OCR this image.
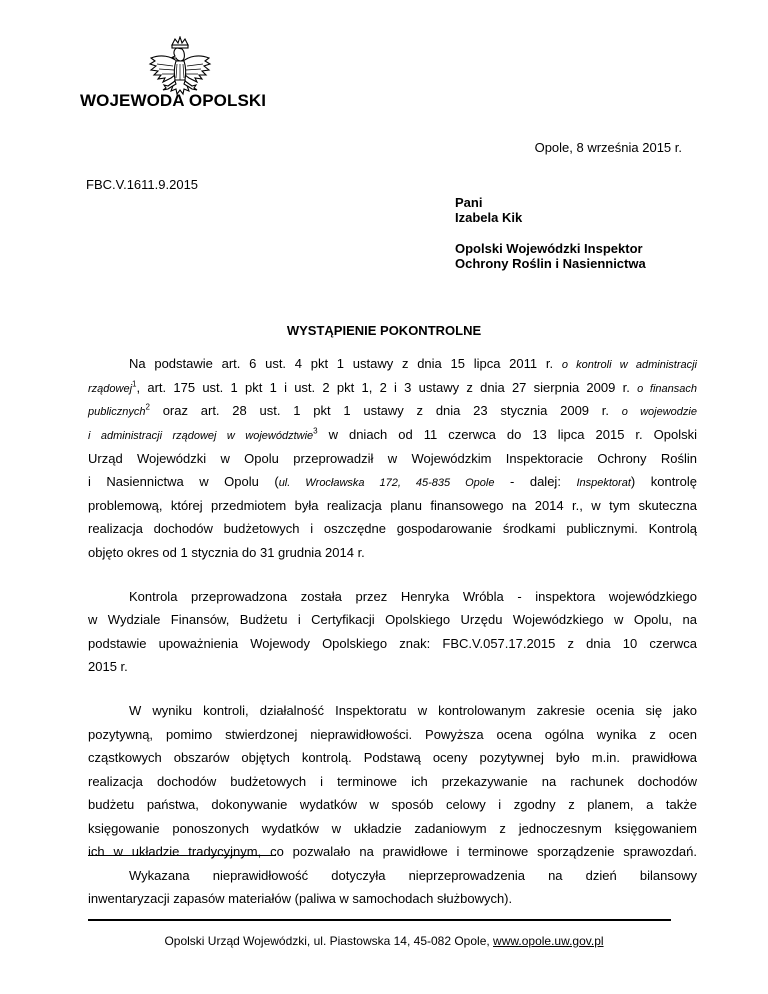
WOJEWODA OPOLSKI
Opole, 8 września 2015 r.
FBC.V.1611.9.2015
Pani
Izabela Kik
Opolski Wojewódzki Inspektor
Ochrony Roślin i Nasiennictwa
WYSTĄPIENIE POKONTROLNE
Na podstawie art. 6 ust. 4 pkt 1 ustawy z dnia 15 lipca 2011 r. o kontroli w administracji
rządowej$^1$, art. 175 ust. 1 pkt 1 i ust. 2 pkt 1, 2 i 3 ustawy z dnia 27 sierpnia 2009 r. o finansach
publicznych$^2$ oraz art. 28 ust. 1 pkt 1 ustawy z dnia 23 stycznia 2009 r. o wojewodzie
i administracji rządowej w województwie$^3$ w dniach od 11 czerwca do 13 lipca 2015 r. Opolski
Urząd Wojewódzki w Opolu przeprowadził w Wojewódzkim Inspektoracie Ochrony Roślin
i Nasiennictwa w Opolu (ul. Wrocławska 172, 45-835 Opole - dalej: Inspektorat) kontrolę
problemową, której przedmiotem była realizacja planu finansowego na 2014 r., w tym skuteczna
realizacja dochodów budżetowych i oszczędne gospodarowanie środkami publicznymi. Kontrolą
objęto okres od 1 stycznia do 31 grudnia 2014 r.
Kontrola przeprowadzona została przez Henryka Wróbla - inspektora wojewódzkiego
w Wydziale Finansów, Budżetu i Certyfikacji Opolskiego Urzędu Wojewódzkiego w Opolu, na
podstawie upoważnienia Wojewody Opolskiego znak: FBC.V.057.17.2015 z dnia 10 czerwca
2015 r.
W wyniku kontroli, działalność Inspektoratu w kontrolowanym zakresie ocenia się jako
pozytywną, pomimo stwierdzonej nieprawidłowości. Powyższa ocena ogólna wynika z ocen
cząstkowych obszarów objętych kontrolą. Podstawą oceny pozytywnej było m.in. prawidłowa
realizacja dochodów budżetowych i terminowe ich przekazywanie na rachunek dochodów
budżetu państwa, dokonywanie wydatków w sposób celowy i zgodny z planem, a także
księgowanie ponoszonych wydatków w układzie zadaniowym z jednoczesnym księgowaniem
ich w układzie tradycyjnym, co pozwalało na prawidłowe i terminowe sporządzenie sprawozdań.
Wykazana nieprawidłowość dotyczyła nieprzeprowadzenia na dzień bilansowy
inwentaryzacji zapasów materiałów (paliwa w samochodach służbowych).
Opolski Urząd Wojewódzki, ul. Piastowska 14, 45-082 Opole, www.opole.uw.gov.pl
